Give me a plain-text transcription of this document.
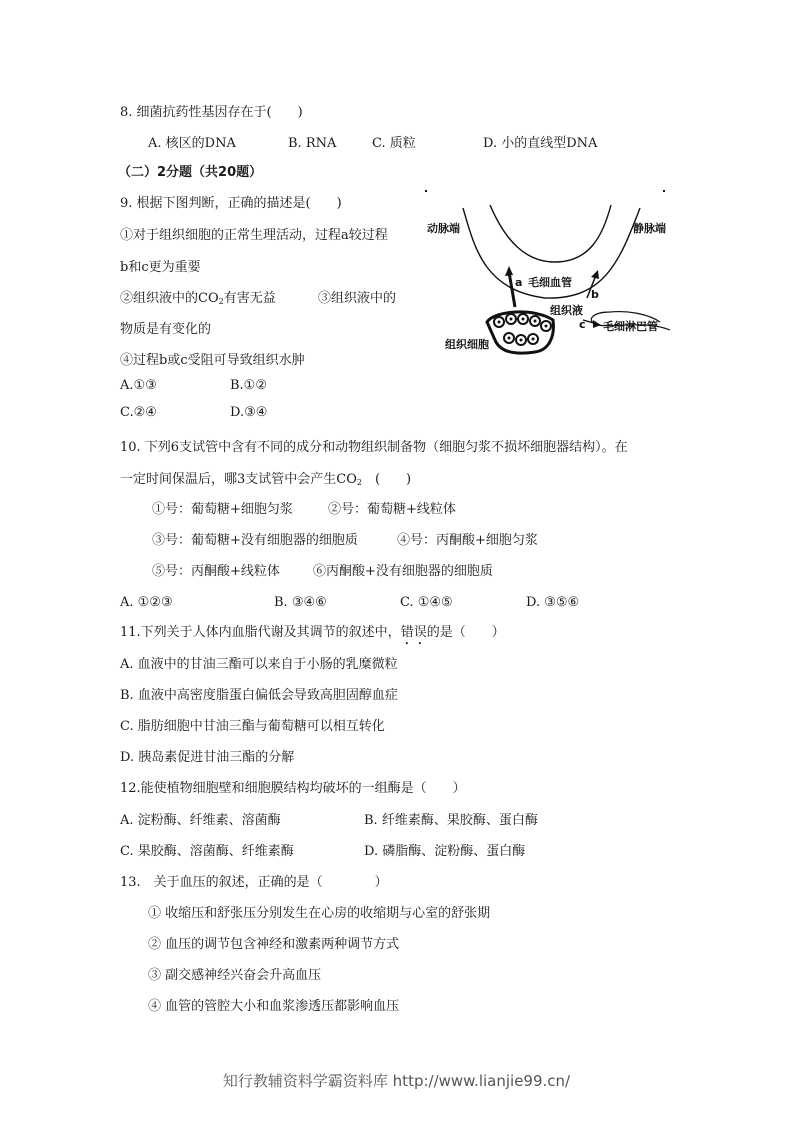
8. 细菌抗药性基因存在于(　　)
A. 核区的DNA	B. RNA	C. 质粒	D. 小的直线型DNA
（二）2分题（共20题）
9. 根据下图判断，正确的描述是(　　)
①对于组织细胞的正常生理活动，过程a较过程
b和c更为重要
②组织液中的$CO_2$有害无益	③组织液中的
物质是有变化的
④过程b或c受阻可导致组织水肿
A.①③	B.①②
C.②④	D.③④
动脉端	静脉端
a 毛细血管
b
组织液
c 毛细淋巴管
组织细胞
10. 下列6支试管中含有不同的成分和动物组织制备物（细胞匀浆不损坏细胞器结构）。在
一定时间保温后，哪3支试管中会产生$CO_2$　(　　)
①号：葡萄糖+细胞匀浆	②号：葡萄糖+线粒体
③号：葡萄糖+没有细胞器的细胞质	④号：丙酮酸+细胞匀浆
⑤号：丙酮酸+线粒体	⑥丙酮酸+没有细胞器的细胞质
A. ①②③	B. ③④⑥	C. ①④⑤	D. ③⑤⑥
11.下列关于人体内血脂代谢及其调节的叙述中，错误的是（　　）
A. 血液中的甘油三酯可以来自于小肠的乳糜微粒
B. 血液中高密度脂蛋白偏低会导致高胆固醇血症
C. 脂肪细胞中甘油三酯与葡萄糖可以相互转化
D. 胰岛素促进甘油三酯的分解
12.能使植物细胞壁和细胞膜结构均破坏的一组酶是（　　）
A. 淀粉酶、纤维素、溶菌酶	B. 纤维素酶、果胶酶、蛋白酶
C. 果胶酶、溶菌酶、纤维素酶	D. 磷脂酶、淀粉酶、蛋白酶
13.　关于血压的叙述，正确的是（　　　　）
① 收缩压和舒张压分别发生在心房的收缩期与心室的舒张期
② 血压的调节包含神经和激素两种调节方式
③ 副交感神经兴奋会升高血压
④ 血管的管腔大小和血浆渗透压都影响血压
知行教辅资料学霸资料库 http://www.lianjie99.cn/
